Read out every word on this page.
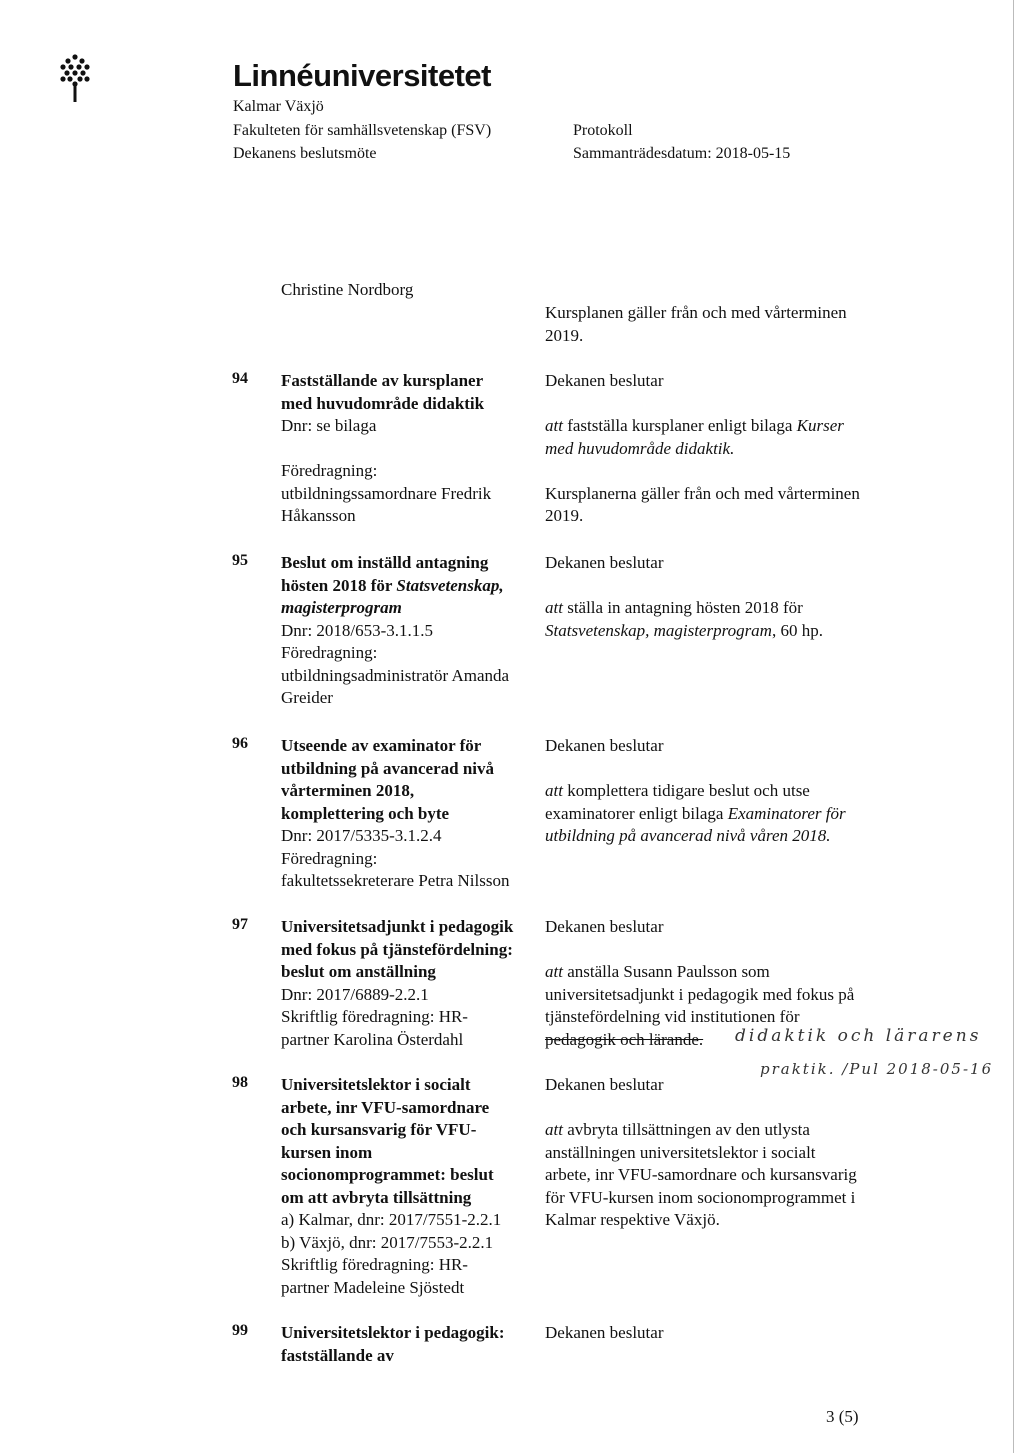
Linnéuniversitetet
Kalmar Växjö
Fakulteten för samhällsvetenskap (FSV)
Dekanens beslutsmöte
Protokoll
Sammanträdesdatum: 2018-05-15
Christine Nordborg
Kursplanen gäller från och med vårterminen
2019.
94 Fastställande av kursplaner
med huvudområde didaktik
Dnr: se bilaga

Föredragning:
utbildningssamordnare Fredrik
Håkansson
Dekanen beslutar

att fastställa kursplaner enligt bilaga Kurser
med huvudområde didaktik.

Kursplanerna gäller från och med vårterminen
2019.
95 Beslut om inställd antagning
hösten 2018 för Statsvetenskap,
magisterprogram
Dnr: 2018/653-3.1.1.5
Föredragning:
utbildningsadministratör Amanda
Greider
Dekanen beslutar

att ställa in antagning hösten 2018 för
Statsvetenskap, magisterprogram, 60 hp.
96 Utseende av examinator för
utbildning på avancerad nivå
vårterminen 2018,
komplettering och byte
Dnr: 2017/5335-3.1.2.4
Föredragning:
fakultetssekreterare Petra Nilsson
Dekanen beslutar

att komplettera tidigare beslut och utse
examinatorer enligt bilaga Examinatorer för
utbildning på avancerad nivå våren 2018.
97 Universitetsadjunkt i pedagogik
med fokus på tjänstefördelning:
beslut om anställning
Dnr: 2017/6889-2.2.1
Skriftlig föredragning: HR-
partner Karolina Österdahl
Dekanen beslutar

att anställa Susann Paulsson som
universitetsadjunkt i pedagogik med fokus på
tjänstefördelning vid institutionen för
pedagogik och lärande.	didaktik och lärarens
praktik. /Pul 2018-05-16
98 Universitetslektor i socialt
arbete, inr VFU-samordnare
och kursansvarig för VFU-
kursen inom
socionomprogrammet: beslut
om att avbryta tillsättning
a) Kalmar, dnr: 2017/7551-2.2.1
b) Växjö, dnr: 2017/7553-2.2.1
Skriftlig föredragning: HR-
partner Madeleine Sjöstedt
Dekanen beslutar

att avbryta tillsättningen av den utlysta
anställningen universitetslektor i socialt
arbete, inr VFU-samordnare och kursansvarig
för VFU-kursen inom socionomprogrammet i
Kalmar respektive Växjö.
99 Universitetslektor i pedagogik:
fastställande av
Dekanen beslutar
3 (5)
